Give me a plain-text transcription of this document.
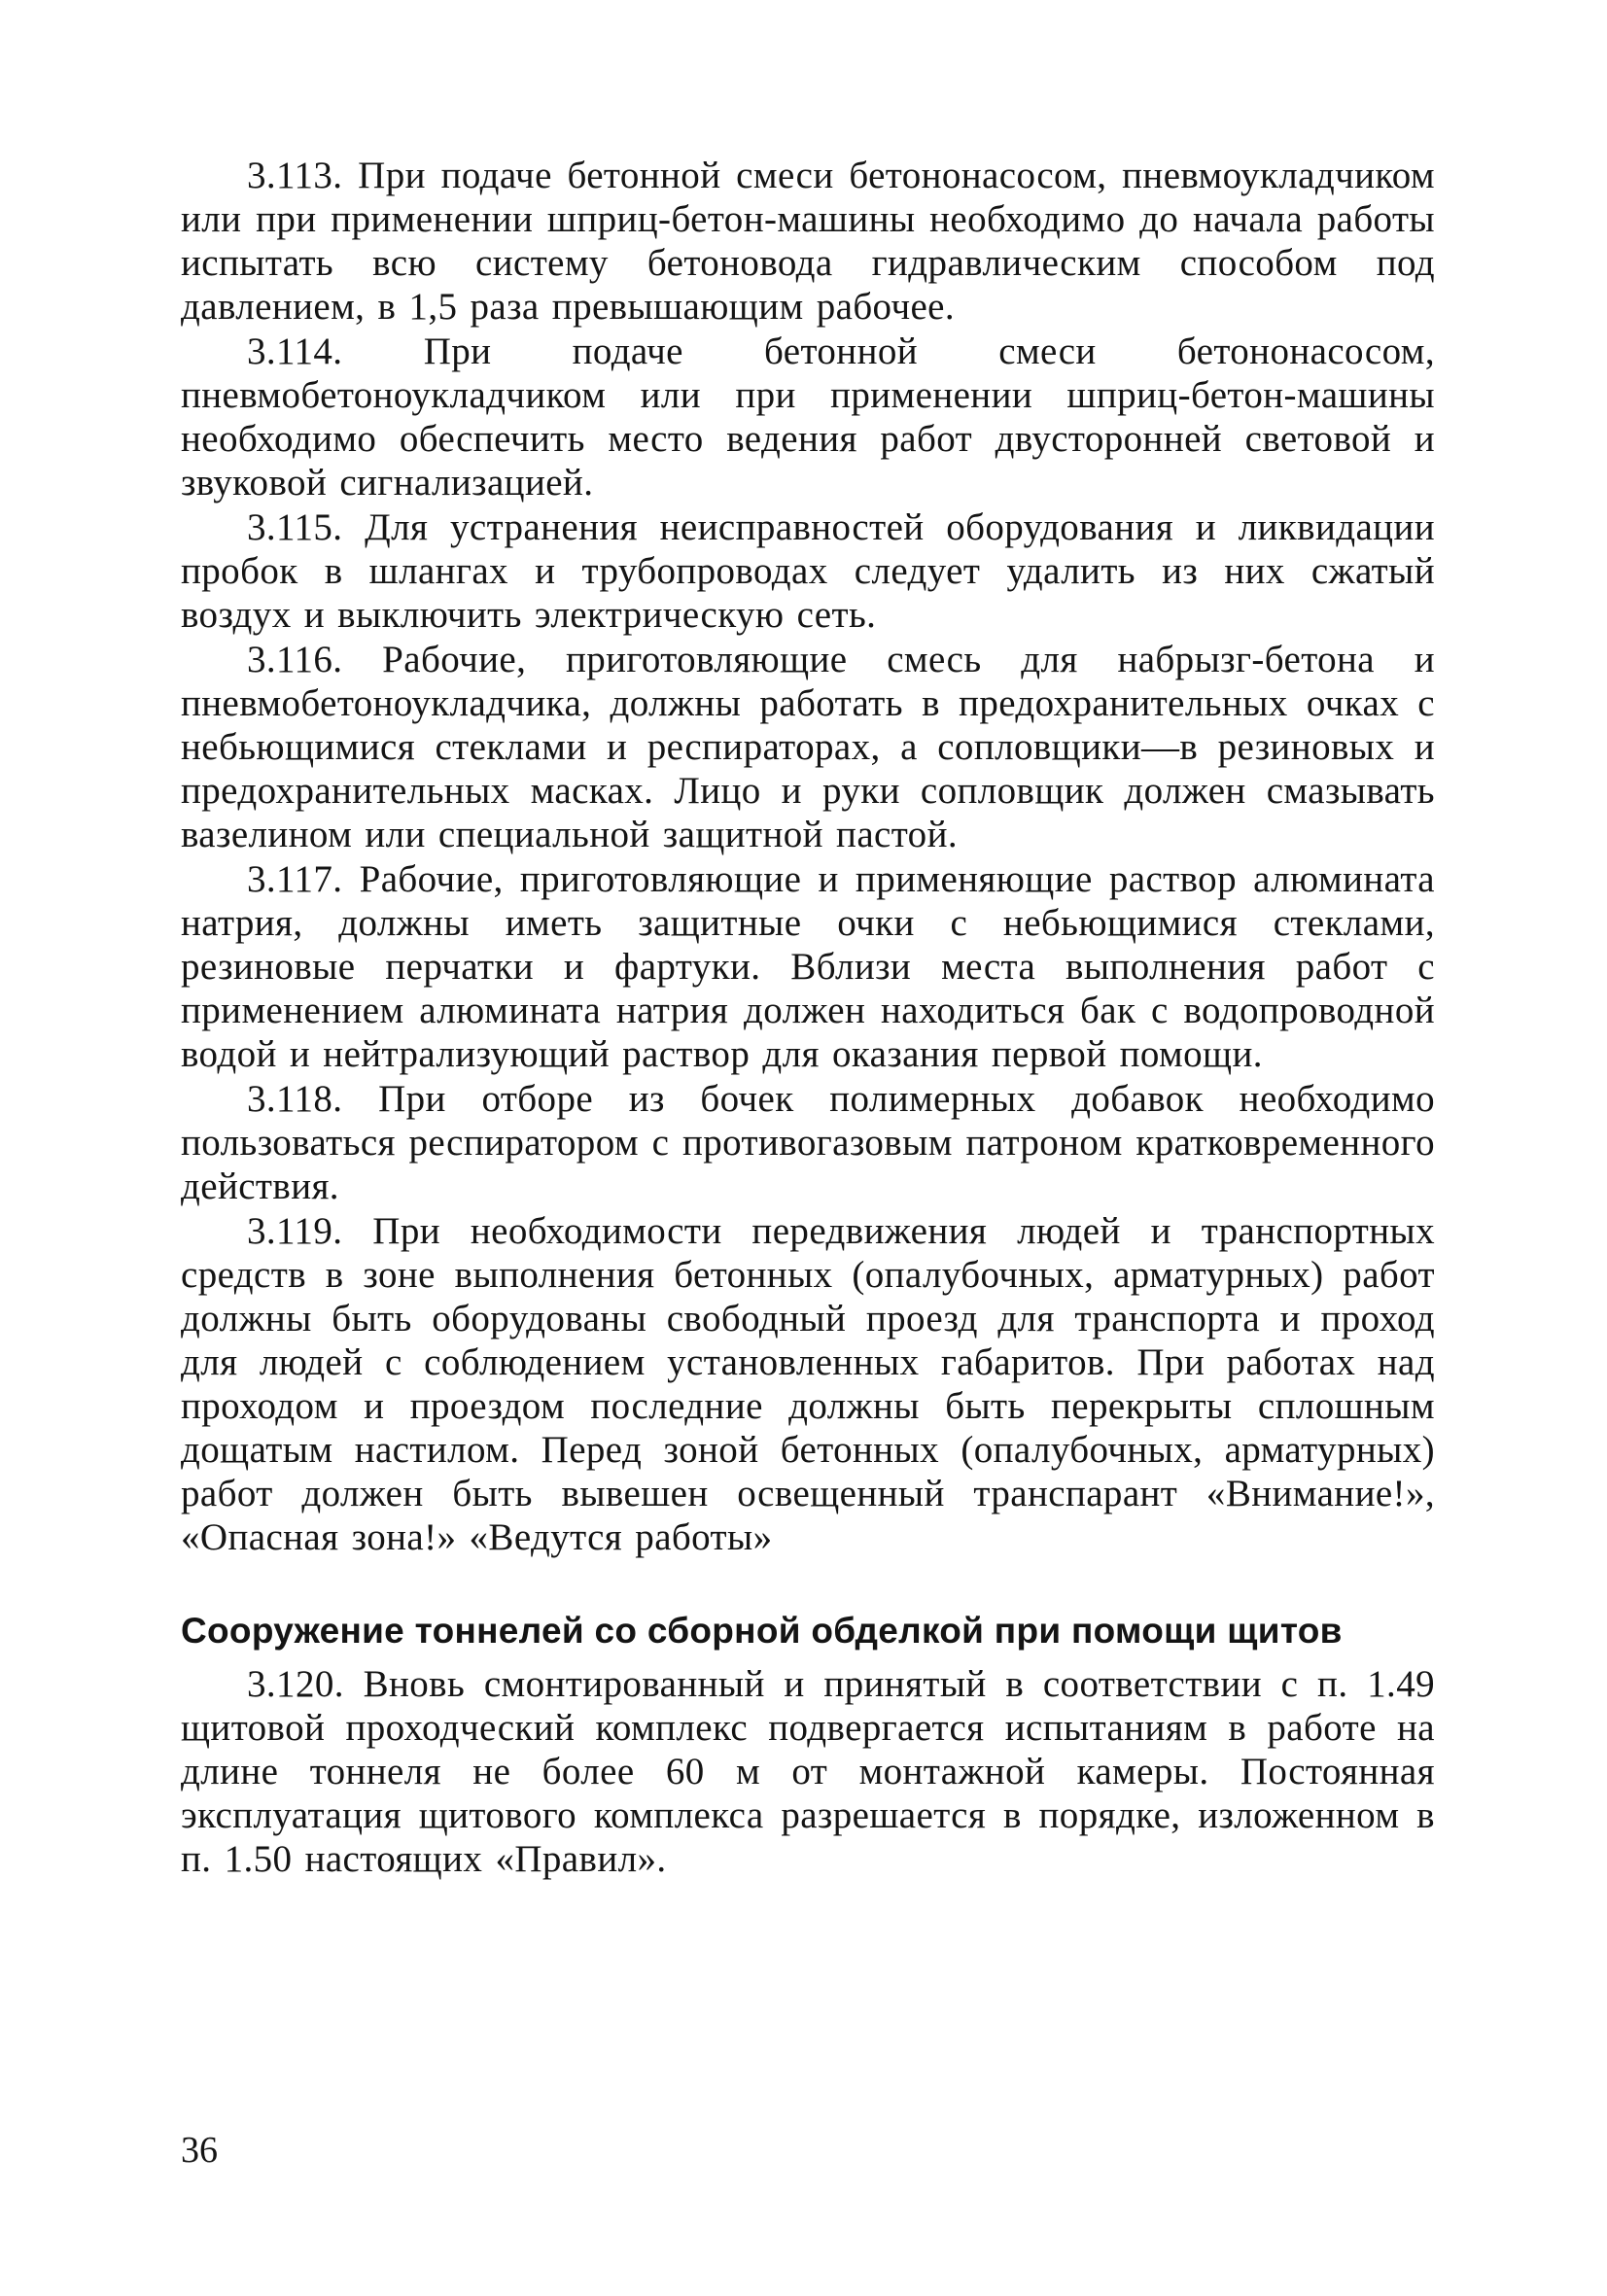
3.113. При подаче бетонной смеси бетононасосом, пневмоукладчиком или при применении шприц-бетон-машины необходимо до начала работы испытать всю систему бетоновода гидравлическим способом под давлением, в 1,5 раза превышающим рабочее.

3.114. При подаче бетонной смеси бетононасосом, пневмобетоноукладчиком или при применении шприц-бетон-машины необходимо обеспечить место ведения работ двусторонней световой и звуковой сигнализацией.

3.115. Для устранения неисправностей оборудования и ликвидации пробок в шлангах и трубопроводах следует удалить из них сжатый воздух и выключить электрическую сеть.

3.116. Рабочие, приготовляющие смесь для набрызг-бетона и пневмобетоноукладчика, должны работать в предохранительных очках с небьющимися стеклами и респираторах, а сопловщики—в резиновых и предохранительных масках. Лицо и руки сопловщик должен смазывать вазелином или специальной защитной пастой.

3.117. Рабочие, приготовляющие и применяющие раствор алюмината натрия, должны иметь защитные очки с небьющимися стеклами, резиновые перчатки и фартуки. Вблизи места выполнения работ с применением алюмината натрия должен находиться бак с водопроводной водой и нейтрализующий раствор для оказания первой помощи.

3.118. При отборе из бочек полимерных добавок необходимо пользоваться респиратором с противогазовым патроном кратковременного действия.

3.119. При необходимости передвижения людей и транспортных средств в зоне выполнения бетонных (опалубочных, арматурных) работ должны быть оборудованы свободный проезд для транспорта и проход для людей с соблюдением установленных габаритов. При работах над проходом и проездом последние должны быть перекрыты сплошным дощатым настилом. Перед зоной бетонных (опалубочных, арматурных) работ должен быть вывешен освещенный транспарант «Внимание!», «Опасная зона!» «Ведутся работы»

Сооружение тоннелей со сборной обделкой при помощи щитов

3.120. Вновь смонтированный и принятый в соответствии с п. 1.49 щитовой проходческий комплекс подвергается испытаниям в работе на длине тоннеля не более 60 м от монтажной камеры. Постоянная эксплуатация щитового комплекса разрешается в порядке, изложенном в п. 1.50 настоящих «Правил».

36
